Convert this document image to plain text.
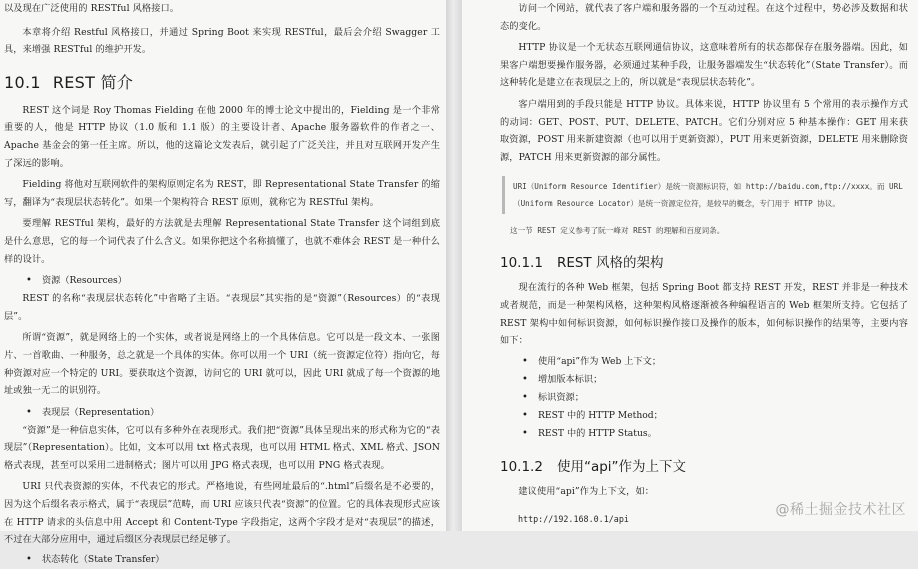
以及现在广泛使用的 RESTful 风格接口。

本章将介绍 Restful 风格接口，并通过 Spring Boot 来实现 RESTful，最后会介绍 Swagger 工具，来增强 RESTful 的维护开发。

10.1 REST 简介

REST 这个词是 Roy Thomas Fielding 在他 2000 年的博士论文中提出的，Fielding 是一个非常重要的人，他是 HTTP 协议（1.0 版和 1.1 版）的主要设计者、Apache 服务器软件的作者之一、Apache 基金会的第一任主席。所以，他的这篇论文发表后，就引起了广泛关注，并且对互联网开发产生了深远的影响。

Fielding 将他对互联网软件的架构原则定名为 REST，即 Representational State Transfer 的缩写，翻译为“表现层状态转化”。如果一个架构符合 REST 原则，就称它为 RESTful 架构。

要理解 RESTful 架构，最好的方法就是去理解 Representational State Transfer 这个词组到底是什么意思，它的每一个词代表了什么含义。如果你把这个名称搞懂了，也就不难体会 REST 是一种什么样的设计。

• 资源（Resources）

REST 的名称“表现层状态转化”中省略了主语。“表现层”其实指的是“资源”（Resources）的“表现层”。

所谓“资源”，就是网络上的一个实体，或者说是网络上的一个具体信息。它可以是一段文本、一张图片、一首歌曲、一种服务，总之就是一个具体的实体。你可以用一个 URI（统一资源定位符）指向它，每种资源对应一个特定的 URI。要获取这个资源，访问它的 URI 就可以，因此 URI 就成了每一个资源的地址或独一无二的识别符。

• 表现层（Representation）

“资源”是一种信息实体，它可以有多种外在表现形式。我们把“资源”具体呈现出来的形式称为它的“表现层”（Representation）。比如，文本可以用 txt 格式表现，也可以用 HTML 格式、XML 格式、JSON 格式表现，甚至可以采用二进制格式；图片可以用 JPG 格式表现，也可以用 PNG 格式表现。

URI 只代表资源的实体，不代表它的形式。严格地说，有些网址最后的“.html”后缀名是不必要的，因为这个后缀名表示格式，属于“表现层”范畴，而 URI 应该只代表“资源”的位置。它的具体表现形式应该在 HTTP 请求的头信息中用 Accept 和 Content-Type 字段指定，这两个字段才是对“表现层”的描述，不过在大部分应用中，通过后缀区分表现层已经足够了。

• 状态转化（State Transfer）

访问一个网站，就代表了客户端和服务器的一个互动过程。在这个过程中，势必涉及数据和状态的变化。

HTTP 协议是一个无状态互联网通信协议，这意味着所有的状态都保存在服务器端。因此，如果客户端想要操作服务器，必须通过某种手段，让服务器端发生“状态转化”（State Transfer）。而这种转化是建立在表现层之上的，所以就是“表现层状态转化”。

客户端用到的手段只能是 HTTP 协议。具体来说，HTTP 协议里有 5 个常用的表示操作方式的动词：GET、POST、PUT、DELETE、PATCH。它们分别对应 5 种基本操作：GET 用来获取资源，POST 用来新建资源（也可以用于更新资源），PUT 用来更新资源，DELETE 用来删除资源，PATCH 用来更新资源的部分属性。

URI（Uniform Resource Identifier）是统一资源标识符，如 http://baidu.com,ftp://xxxx。而 URL（Uniform Resource Locator）是统一资源定位符，是较早的概念，专门用于 HTTP 协议。
这一节 REST 定义参考了阮一峰对 REST 的理解和百度词条。
10.1.1 REST 风格的架构

现在流行的各种 Web 框架，包括 Spring Boot 都支持 REST 开发，REST 并非是一种技术或者规范，而是一种架构风格，这种架构风格逐渐被各种编程语言的 Web 框架所支持。它包括了 REST 架构中如何标识资源，如何标识操作接口及操作的版本，如何标识操作的结果等，主要内容如下：

• 使用“api”作为 Web 上下文；
• 增加版本标识；
• 标识资源；
• REST 中的 HTTP Method；
• REST 中的 HTTP Status。
10.1.2 使用“api”作为上下文

建议使用“api”作为上下文，如：

http://192.168.0.1/api
@稀土掘金技术社区
